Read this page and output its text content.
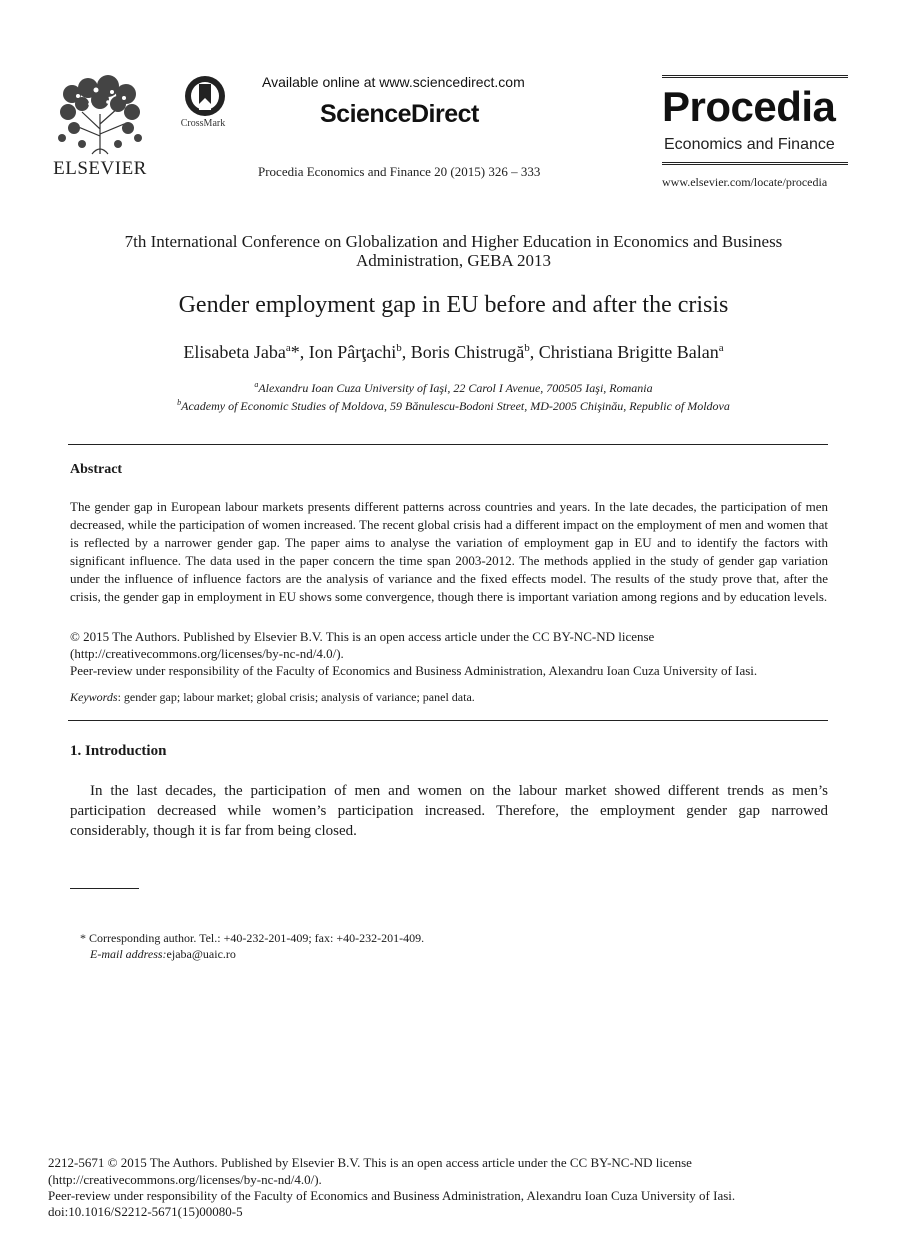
ELSEVIER
CrossMark
Available online at www.sciencedirect.com
ScienceDirect
Procedia Economics and Finance 20 (2015) 326 – 333
Procedia
Economics and Finance
www.elsevier.com/locate/procedia
7th International Conference on Globalization and Higher Education in Economics and Business
Administration, GEBA 2013
Gender employment gap in EU before and after the crisis
Elisabeta Jaba$^a$*, Ion Pârţachi$^b$, Boris Chistrugă$^b$, Christiana Brigitte Balan$^a$
$^a$Alexandru Ioan Cuza University of Iaşi, 22 Carol I Avenue, 700505 Iaşi, Romania
$^b$Academy of Economic Studies of Moldova, 59 Bănulescu-Bodoni Street, MD-2005 Chişinău, Republic of Moldova
Abstract
The gender gap in European labour markets presents different patterns across countries and years. In the late decades, the participation of men decreased, while the participation of women increased. The recent global crisis had a different impact on the employment of men and women that is reflected by a narrower gender gap. The paper aims to analyse the variation of employment gap in EU and to identify the factors with significant influence. The data used in the paper concern the time span 2003-2012. The methods applied in the study of gender gap variation under the influence of influence factors are the analysis of variance and the fixed effects model. The results of the study prove that, after the crisis, the gender gap in employment in EU shows some convergence, though there is important variation among regions and by education levels.
© 2015 The Authors. Published by Elsevier B.V. This is an open access article under the CC BY-NC-ND license
(http://creativecommons.org/licenses/by-nc-nd/4.0/).
Peer-review under responsibility of the Faculty of Economics and Business Administration, Alexandru Ioan Cuza University of Iasi.
Keywords: gender gap; labour market; global crisis; analysis of variance; panel data.
1. Introduction
In the last decades, the participation of men and women on the labour market showed different trends as men’s participation decreased while women’s participation increased. Therefore, the employment gender gap narrowed considerably, though it is far from being closed.
* Corresponding author. Tel.: +40-232-201-409; fax: +40-232-201-409.
E-mail address:ejaba@uaic.ro
2212-5671 © 2015 The Authors. Published by Elsevier B.V. This is an open access article under the CC BY-NC-ND license
(http://creativecommons.org/licenses/by-nc-nd/4.0/).
Peer-review under responsibility of the Faculty of Economics and Business Administration, Alexandru Ioan Cuza University of Iasi.
doi:10.1016/S2212-5671(15)00080-5
